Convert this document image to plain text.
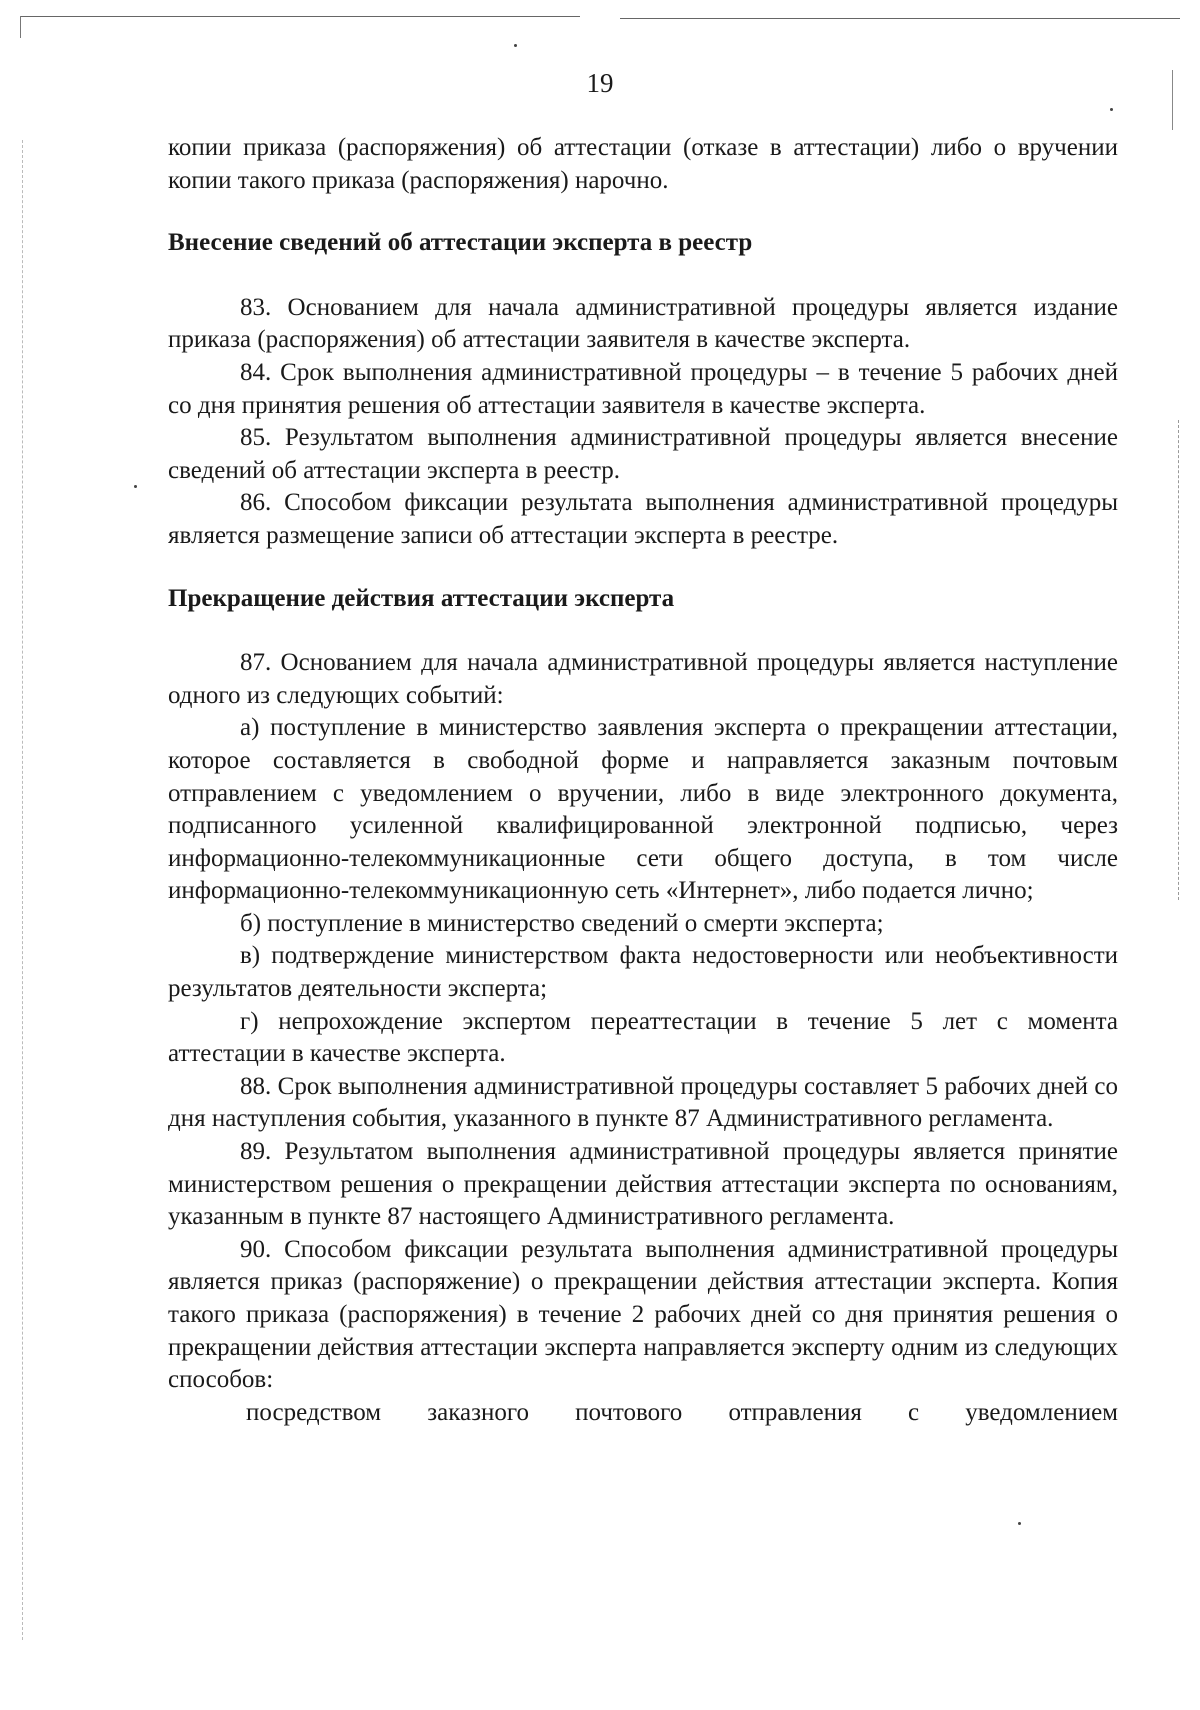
19

копии приказа (распоряжения) об аттестации (отказе в аттестации) либо о вручении копии такого приказа (распоряжения) нарочно.

Внесение сведений об аттестации эксперта в реестр

83. Основанием для начала административной процедуры является издание приказа (распоряжения) об аттестации заявителя в качестве эксперта.

84. Срок выполнения административной процедуры – в течение 5 рабочих дней со дня принятия решения об аттестации заявителя в качестве эксперта.

85. Результатом выполнения административной процедуры является внесение сведений об аттестации эксперта в реестр.

86. Способом фиксации результата выполнения административной процедуры является размещение записи об аттестации эксперта в реестре.

Прекращение действия аттестации эксперта

87. Основанием для начала административной процедуры является наступление одного из следующих событий:

а) поступление в министерство заявления эксперта о прекращении аттестации, которое составляется в свободной форме и направляется заказным почтовым отправлением с уведомлением о вручении, либо в виде электронного документа, подписанного усиленной квалифицированной электронной подписью, через информационно-телекоммуникационные сети общего доступа, в том числе информационно-телекоммуникационную сеть «Интернет», либо подается лично;

б) поступление в министерство сведений о смерти эксперта;

в) подтверждение министерством факта недостоверности или необъективности результатов деятельности эксперта;

г) непрохождение экспертом переаттестации в течение 5 лет с момента аттестации в качестве эксперта.

88. Срок выполнения административной процедуры составляет 5 рабочих дней со дня наступления события, указанного в пункте 87 Административного регламента.

89. Результатом выполнения административной процедуры является принятие министерством решения о прекращении действия аттестации эксперта по основаниям, указанным в пункте 87 настоящего Административного регламента.

90. Способом фиксации результата выполнения административной процедуры является приказ (распоряжение) о прекращении действия аттестации эксперта. Копия такого приказа (распоряжения) в течение 2 рабочих дней со дня принятия решения о прекращении действия аттестации эксперта направляется эксперту одним из следующих способов:

посредством заказного почтового отправления с уведомлением
